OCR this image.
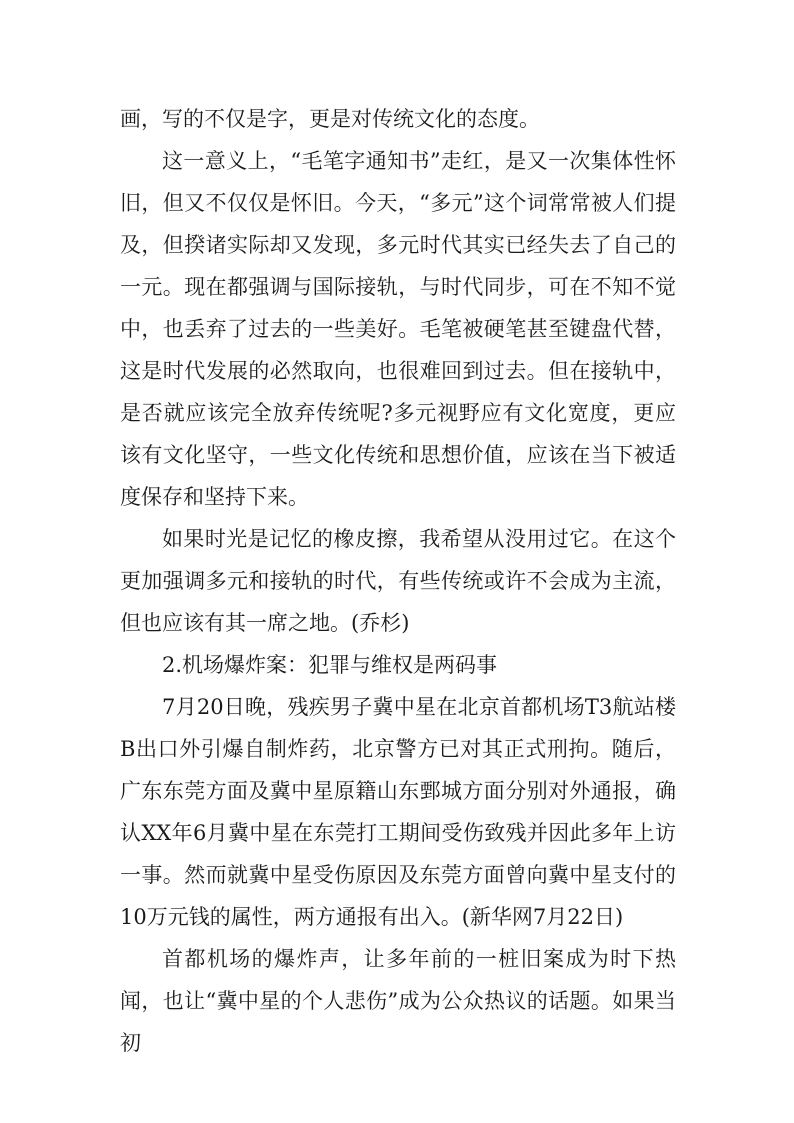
画，写的不仅是字，更是对传统文化的态度。

这一意义上，“毛笔字通知书”走红，是又一次集体性怀旧，但又不仅仅是怀旧。今天，“多元”这个词常常被人们提及，但揆诸实际却又发现，多元时代其实已经失去了自己的一元。现在都强调与国际接轨，与时代同步，可在不知不觉中，也丢弃了过去的一些美好。毛笔被硬笔甚至键盘代替，这是时代发展的必然取向，也很难回到过去。但在接轨中，是否就应该完全放弃传统呢?多元视野应有文化宽度，更应该有文化坚守，一些文化传统和思想价值，应该在当下被适度保存和坚持下来。

如果时光是记忆的橡皮擦，我希望从没用过它。在这个更加强调多元和接轨的时代，有些传统或许不会成为主流，但也应该有其一席之地。(乔杉)

2.机场爆炸案：犯罪与维权是两码事

7月20日晚，残疾男子冀中星在北京首都机场T3航站楼B出口外引爆自制炸药，北京警方已对其正式刑拘。随后，广东东莞方面及冀中星原籍山东鄄城方面分别对外通报，确认XX年6月冀中星在东莞打工期间受伤致残并因此多年上访一事。然而就冀中星受伤原因及东莞方面曾向冀中星支付的10万元钱的属性，两方通报有出入。(新华网7月22日)

首都机场的爆炸声，让多年前的一桩旧案成为时下热闻，也让“冀中星的个人悲伤”成为公众热议的话题。如果当初
